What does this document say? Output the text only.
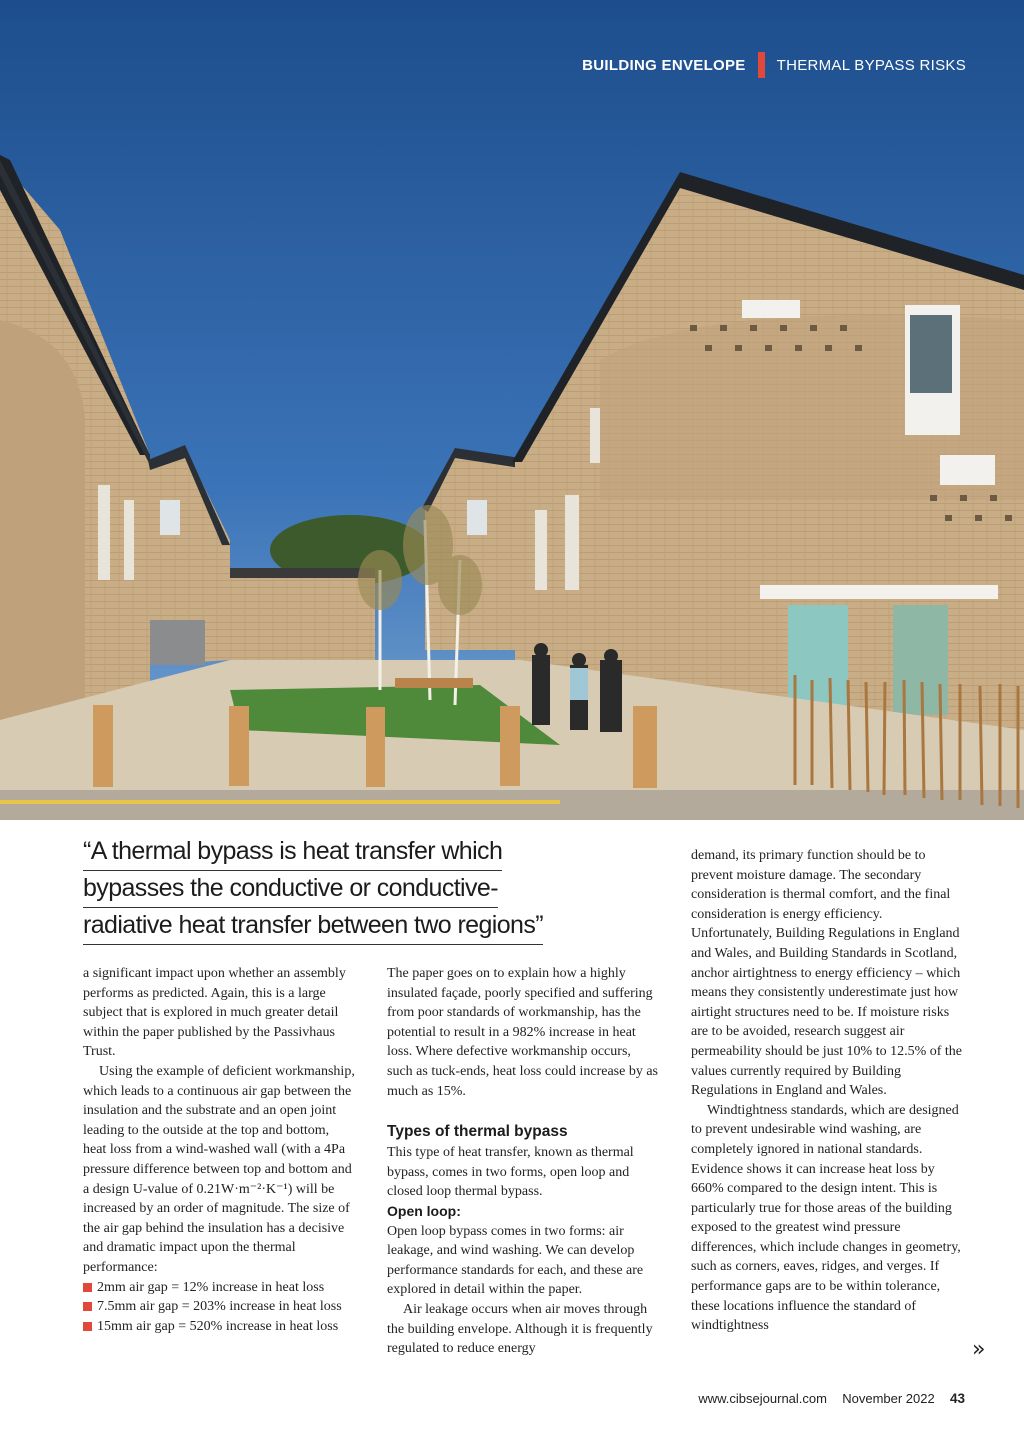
BUILDING ENVELOPE THERMAL BYPASS RISKS
“A thermal bypass is heat transfer which
bypasses the conductive or conductive-
radiative heat transfer between two regions”

a significant impact upon whether an assembly performs as predicted. Again, this is a large subject that is explored in much greater detail within the paper published by the Passivhaus Trust.

Using the example of deficient workmanship, which leads to a continuous air gap between the insulation and the substrate and an open joint leading to the outside at the top and bottom, heat loss from a wind-washed wall (with a 4Pa pressure difference between top and bottom and a design U-value of 0.21W·m⁻²·K⁻¹) will be increased by an order of magnitude. The size of the air gap behind the insulation has a decisive and dramatic impact upon the thermal performance:

2mm air gap = 12% increase in heat loss
7.5mm air gap = 203% increase in heat loss
15mm air gap = 520% increase in heat loss

The paper goes on to explain how a highly insulated façade, poorly specified and suffering from poor standards of workmanship, has the potential to result in a 982% increase in heat loss. Where defective workmanship occurs, such as tuck-ends, heat loss could increase by as much as 15%.

Types of thermal bypass

This type of heat transfer, known as thermal bypass, comes in two forms, open loop and closed loop thermal bypass.

Open loop:

Open loop bypass comes in two forms: air leakage, and wind washing. We can develop performance standards for each, and these are explored in detail within the paper.

Air leakage occurs when air moves through the building envelope. Although it is frequently regulated to reduce energy

demand, its primary function should be to prevent moisture damage. The secondary consideration is thermal comfort, and the final consideration is energy efficiency. Unfortunately, Building Regulations in England and Wales, and Building Standards in Scotland, anchor airtightness to energy efficiency – which means they consistently underestimate just how airtight structures need to be. If moisture risks are to be avoided, research suggest air permeability should be just 10% to 12.5% of the values currently required by Building Regulations in England and Wales.

Windtightness standards, which are designed to prevent undesirable wind washing, are completely ignored in national standards. Evidence shows it can increase heat loss by 660% compared to the design intent. This is particularly true for those areas of the building exposed to the greatest wind pressure differences, which include changes in geometry, such as corners, eaves, ridges, and verges. If performance gaps are to be within tolerance, these locations influence the standard of windtightness

»
www.cibsejournal.com November 2022 43
